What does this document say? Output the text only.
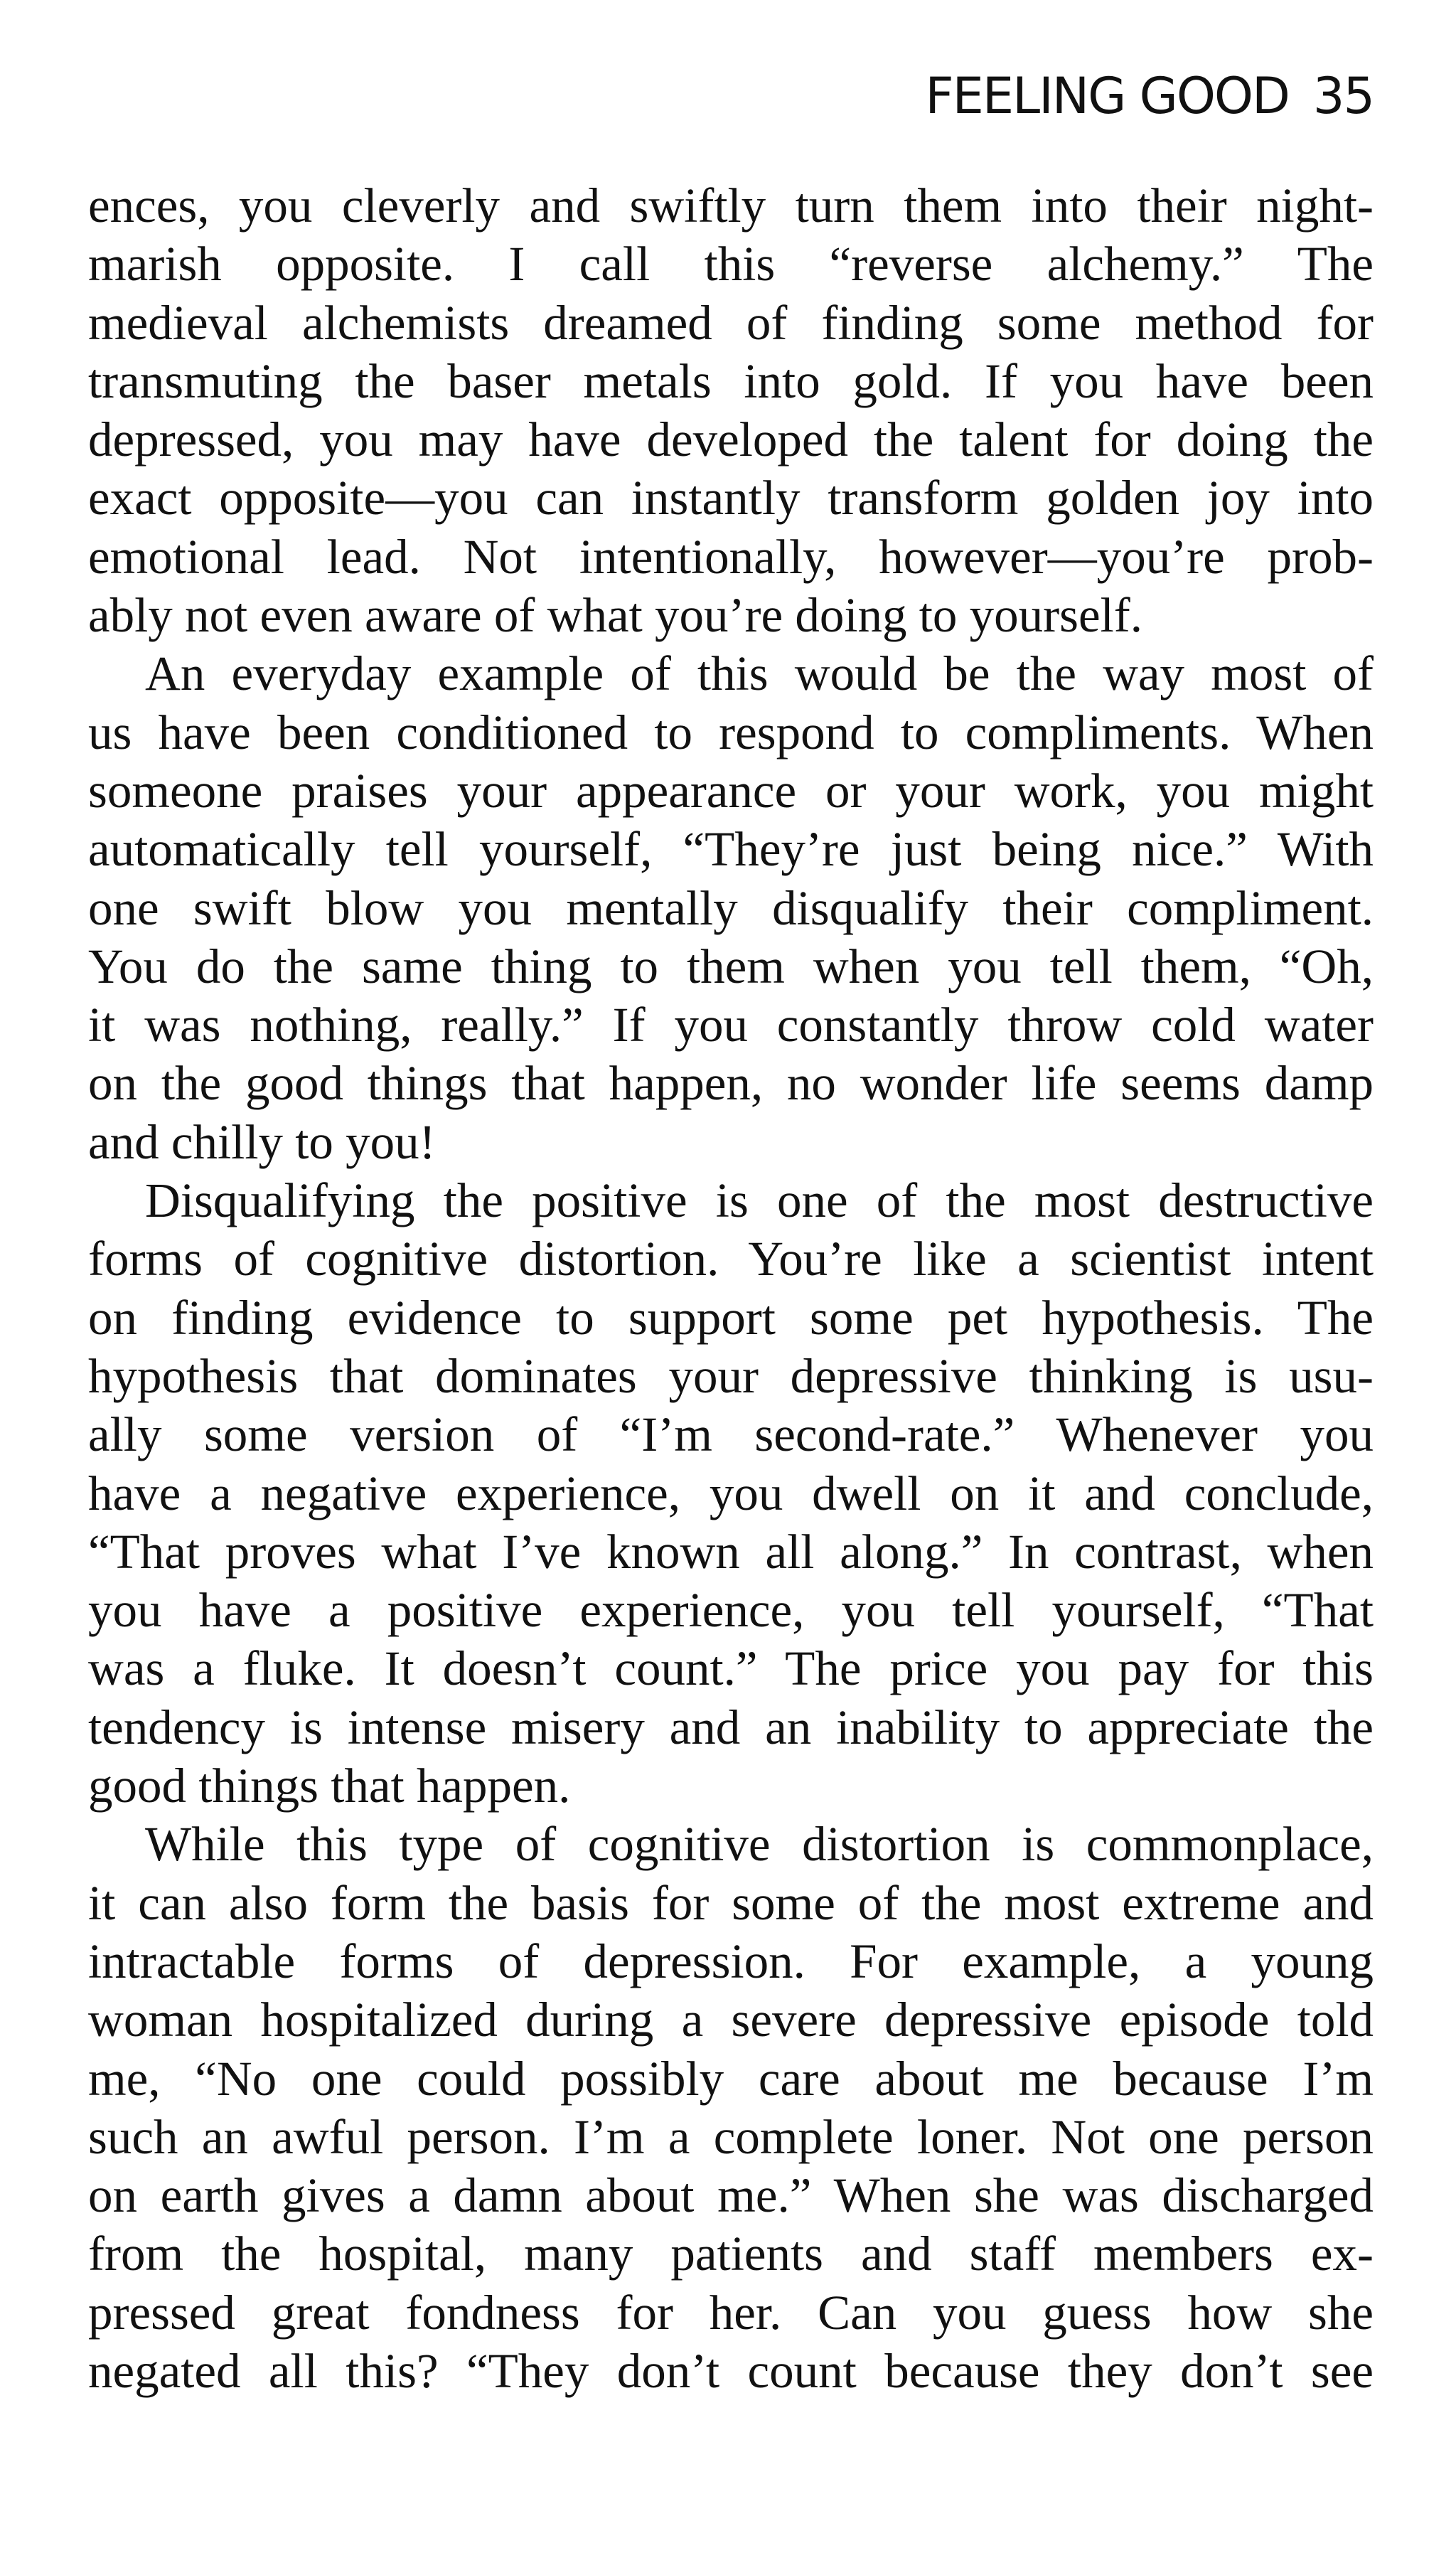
FEELING GOOD 35
ences, you cleverly and swiftly turn them into their night-
marish opposite. I call this “reverse alchemy.” The
medieval alchemists dreamed of finding some method for
transmuting the baser metals into gold. If you have been
depressed, you may have developed the talent for doing the
exact opposite—you can instantly transform golden joy into
emotional lead. Not intentionally, however—you’re prob-
ably not even aware of what you’re doing to yourself.
An everyday example of this would be the way most of
us have been conditioned to respond to compliments. When
someone praises your appearance or your work, you might
automatically tell yourself, “They’re just being nice.” With
one swift blow you mentally disqualify their compliment.
You do the same thing to them when you tell them, “Oh,
it was nothing, really.” If you constantly throw cold water
on the good things that happen, no wonder life seems damp
and chilly to you!
Disqualifying the positive is one of the most destructive
forms of cognitive distortion. You’re like a scientist intent
on finding evidence to support some pet hypothesis. The
hypothesis that dominates your depressive thinking is usu-
ally some version of “I’m second-rate.” Whenever you
have a negative experience, you dwell on it and conclude,
“That proves what I’ve known all along.” In contrast, when
you have a positive experience, you tell yourself, “That
was a fluke. It doesn’t count.” The price you pay for this
tendency is intense misery and an inability to appreciate the
good things that happen.
While this type of cognitive distortion is commonplace,
it can also form the basis for some of the most extreme and
intractable forms of depression. For example, a young
woman hospitalized during a severe depressive episode told
me, “No one could possibly care about me because I’m
such an awful person. I’m a complete loner. Not one person
on earth gives a damn about me.” When she was discharged
from the hospital, many patients and staff members ex-
pressed great fondness for her. Can you guess how she
negated all this? “They don’t count because they don’t see
